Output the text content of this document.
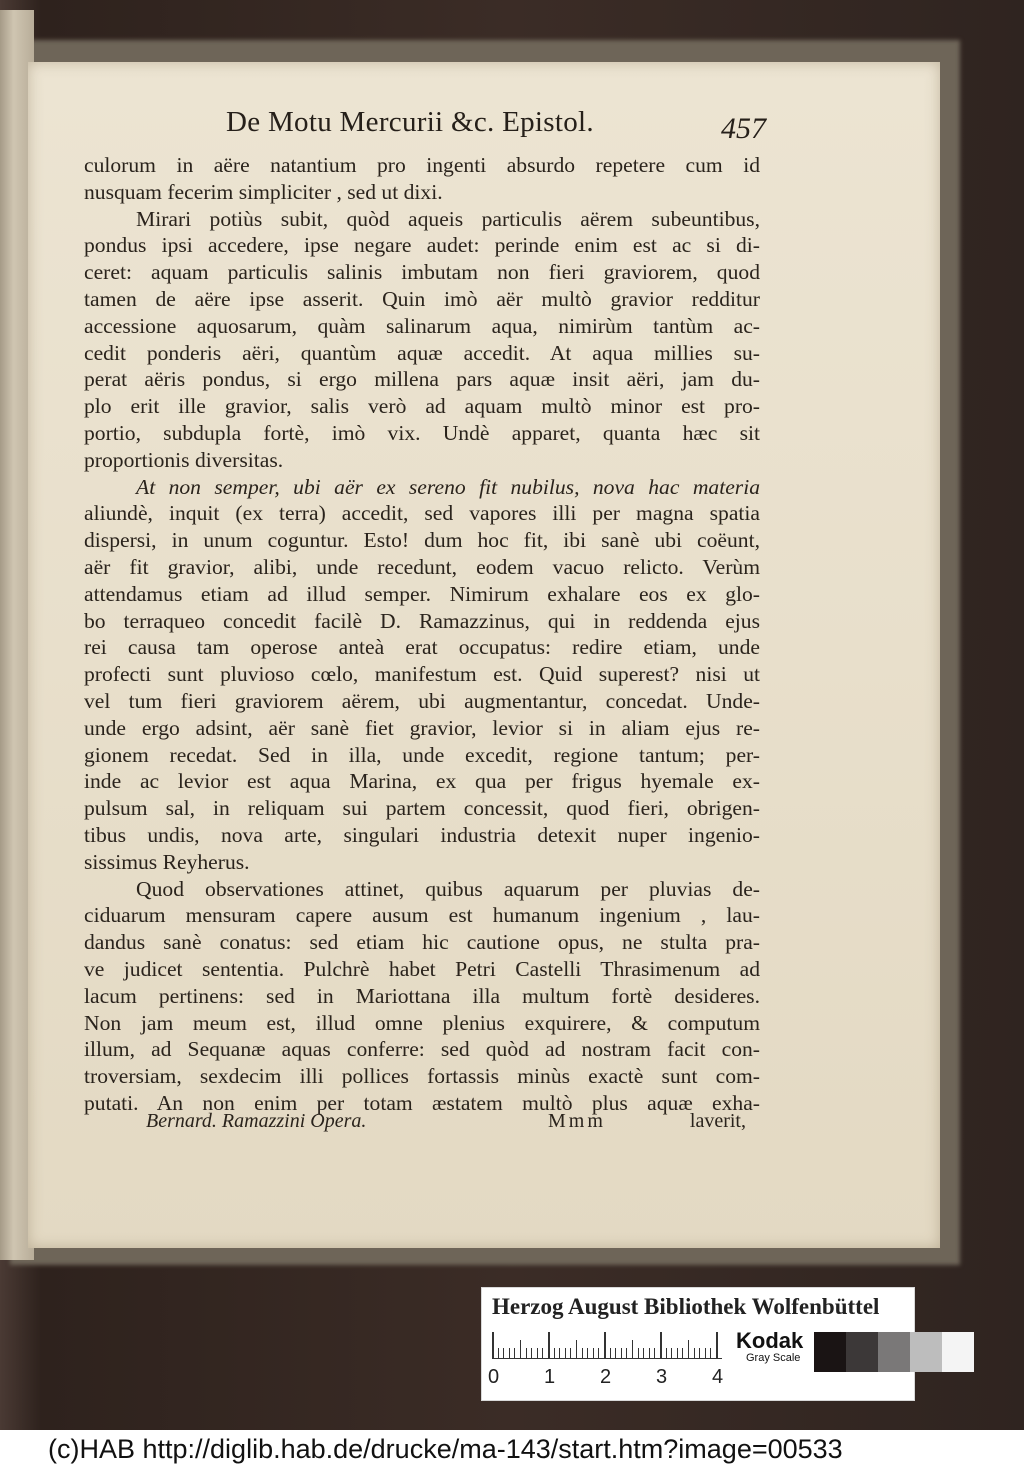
De Motu Mercurii &c. Epistol.	457
culorum in aëre natantium pro ingenti absurdo repetere cum id
nusquam fecerim simpliciter , sed ut dixi.
Mirari potiùs subit, quòd aqueis particulis aërem subeuntibus,
pondus ipsi accedere, ipse negare audet: perinde enim est ac si di-
ceret: aquam particulis salinis imbutam non fieri graviorem, quod
tamen de aëre ipse asserit. Quin imò aër multò gravior redditur
accessione aquosarum, quàm salinarum aqua, nimirùm tantùm ac-
cedit ponderis aëri, quantùm aquæ accedit. At aqua millies su-
perat aëris pondus, si ergo millena pars aquæ insit aëri, jam du-
plo erit ille gravior, salis verò ad aquam multò minor est pro-
portio, subdupla fortè, imò vix. Undè apparet, quanta hæc sit
proportionis diversitas.
At non semper, ubi aër ex sereno fit nubilus, nova hac materia
aliundè, inquit (ex terra) accedit, sed vapores illi per magna spatia
dispersi, in unum coguntur. Esto! dum hoc fit, ibi sanè ubi coëunt,
aër fit gravior, alibi, unde recedunt, eodem vacuo relicto. Verùm
attendamus etiam ad illud semper. Nimirum exhalare eos ex glo-
bo terraqueo concedit facilè D. Ramazzinus, qui in reddenda ejus
rei causa tam operose anteà erat occupatus: redire etiam, unde
profecti sunt pluvioso cœlo, manifestum est. Quid superest? nisi ut
vel tum fieri graviorem aërem, ubi augmentantur, concedat. Unde-
unde ergo adsint, aër sanè fiet gravior, levior si in aliam ejus re-
gionem recedat. Sed in illa, unde excedit, regione tantum; per-
inde ac levior est aqua Marina, ex qua per frigus hyemale ex-
pulsum sal, in reliquam sui partem concessit, quod fieri, obrigen-
tibus undis, nova arte, singulari industria detexit nuper ingenio-
sissimus Reyherus.
Quod observationes attinet, quibus aquarum per pluvias de-
ciduarum mensuram capere ausum est humanum ingenium , lau-
dandus sanè conatus: sed etiam hic cautione opus, ne stulta pra-
ve judicet sententia. Pulchrè habet Petri Castelli Thrasimenum ad
lacum pertinens: sed in Mariottana illa multum fortè desideres.
Non jam meum est, illud omne plenius exquirere, & computum
illum, ad Sequanæ aquas conferre: sed quòd ad nostram facit con-
troversiam, sexdecim illi pollices fortassis minùs exactè sunt com-
putati. An non enim per totam æstatem multò plus aquæ exha-
Bernard. Ramazzini Opera.	Mmm	laverit,
Herzog August Bibliothek Wolfenbüttel
0 1 2 3 4
Kodak
Gray Scale
(c)HAB http://diglib.hab.de/drucke/ma-143/start.htm?image=00533
